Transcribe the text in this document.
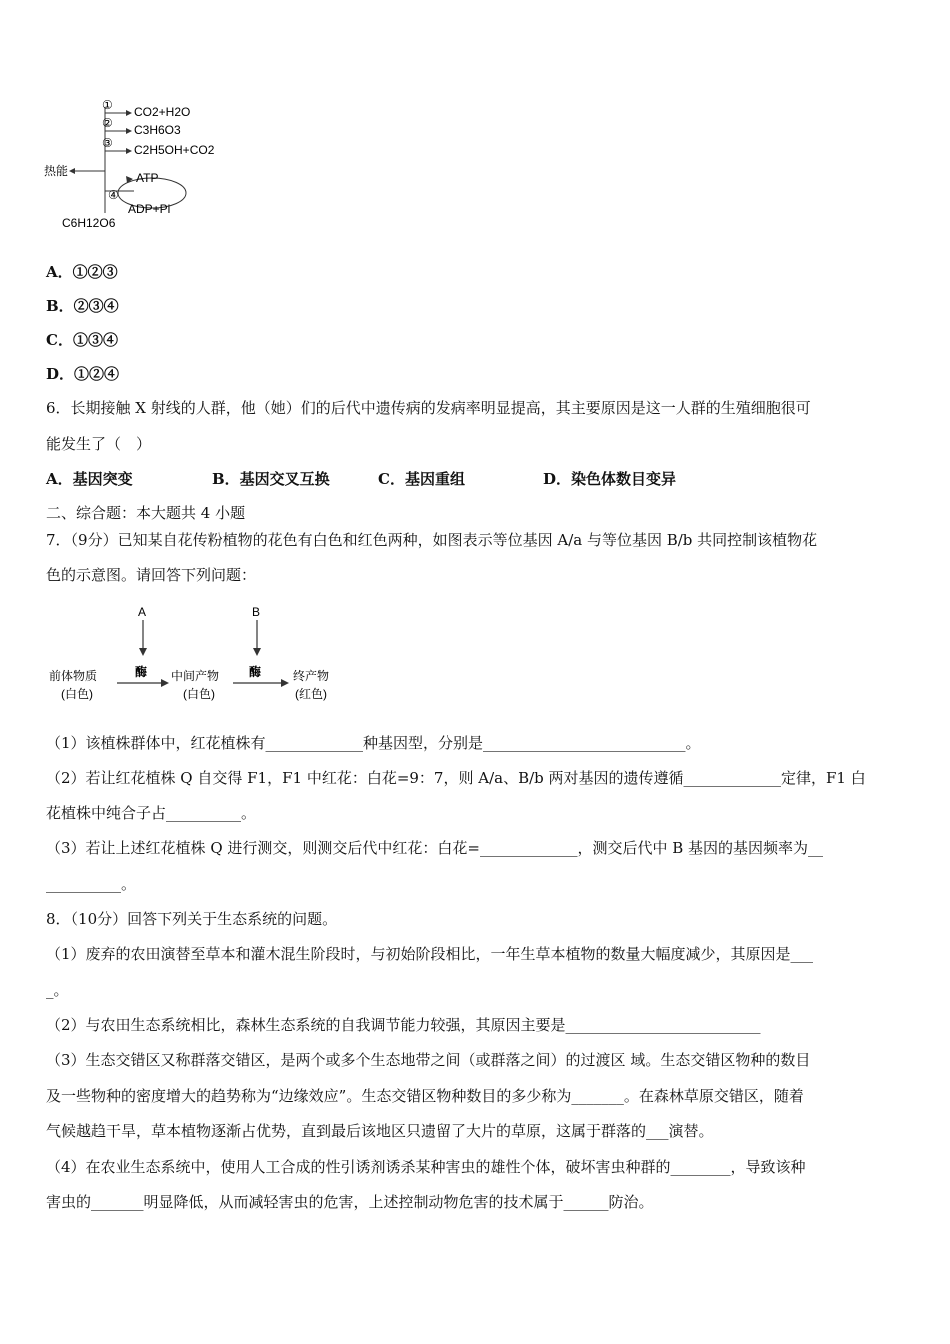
①
②
③
④
CO2+H2O
C3H6O3
C2H5OH+CO2
ATP
ADP+Pi
热能
C6H12O6
A．①②③
B．②③④
C．①③④
D．①②④
6．长期接触 X 射线的人群，他（她）们的后代中遗传病的发病率明显提高，其主要原因是这一人群的生殖细胞很可
能发生了（　）
A．基因突变	B．基因交叉互换	C．基因重组	D．染色体数目变异
二、综合题：本大题共 4 小题
7．（9分）已知某自花传粉植物的花色有白色和红色两种，如图表示等位基因 A/a 与等位基因 B/b 共同控制该植物花
色的示意图。请回答下列问题：
A	B
酶	酶
前体物质
(白色)
中间产物
(白色)
终产物
(红色)
（1）该植株群体中，红花植株有_____________种基因型，分别是___________________________。
（2）若让红花植株 Q 自交得 F1，F1 中红花：白花=9：7，则 A/a、B/b 两对基因的遗传遵循_____________定律，F1 白
花植株中纯合子占__________。
（3）若让上述红花植株 Q 进行测交，则测交后代中红花：白花=_____________，测交后代中 B 基因的基因频率为__
__________。
8．（10分）回答下列关于生态系统的问题。
（1）废弃的农田演替至草本和灌木混生阶段时，与初始阶段相比，一年生草本植物的数量大幅度减少，其原因是___
_。
（2）与农田生态系统相比，森林生态系统的自我调节能力较强，其原因主要是__________________________
（3）生态交错区又称群落交错区，是两个或多个生态地带之间（或群落之间）的过渡区 域。生态交错区物种的数目
及一些物种的密度增大的趋势称为“边缘效应”。生态交错区物种数目的多少称为_______。在森林草原交错区，随着
气候越趋干旱，草本植物逐渐占优势，直到最后该地区只遗留了大片的草原，这属于群落的___演替。
（4）在农业生态系统中，使用人工合成的性引诱剂诱杀某种害虫的雄性个体，破坏害虫种群的________，导致该种
害虫的_______明显降低，从而减轻害虫的危害，上述控制动物危害的技术属于______防治。
